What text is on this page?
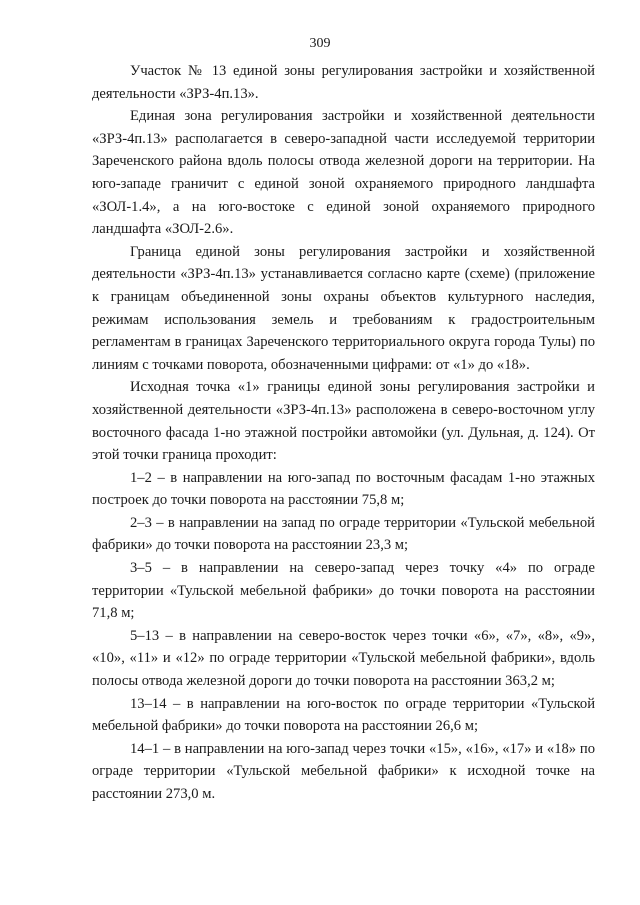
309

Участок № 13 единой зоны регулирования застройки и хозяйственной деятельности «ЗРЗ-4п.13».

Единая зона регулирования застройки и хозяйственной деятельности «ЗРЗ-4п.13» располагается в северо-западной части исследуемой территории Зареченского района вдоль полосы отвода железной дороги на территории. На юго-западе граничит с единой зоной охраняемого природного ландшафта «ЗОЛ-1.4», а на юго-востоке с единой зоной охраняемого природного ландшафта «ЗОЛ-2.6».

Граница единой зоны регулирования застройки и хозяйственной деятельности «ЗРЗ-4п.13» устанавливается согласно карте (схеме) (приложение к границам объединенной зоны охраны объектов культурного наследия, режимам использования земель и требованиям к градостроительным регламентам в границах Зареченского территориального округа города Тулы) по линиям с точками поворота, обозначенными цифрами: от «1» до «18».

Исходная точка «1» границы единой зоны регулирования застройки и хозяйственной деятельности «ЗРЗ-4п.13» расположена в северо-восточном углу восточного фасада 1-но этажной постройки автомойки (ул. Дульная, д. 124). От этой точки граница проходит:

1–2 – в направлении на юго-запад по восточным фасадам 1-но этажных построек до точки поворота на расстоянии 75,8 м;

2–3 – в направлении на запад по ограде территории «Тульской мебельной фабрики» до точки поворота на расстоянии 23,3 м;

3–5 – в направлении на северо-запад через точку «4» по ограде территории «Тульской мебельной фабрики» до точки поворота на расстоянии 71,8 м;

5–13 – в направлении на северо-восток через точки «6», «7», «8», «9», «10», «11» и «12» по ограде территории «Тульской мебельной фабрики», вдоль полосы отвода железной дороги до точки поворота на расстоянии 363,2 м;

13–14 – в направлении на юго-восток по ограде территории «Тульской мебельной фабрики» до точки поворота на расстоянии 26,6 м;

14–1 – в направлении на юго-запад через точки «15», «16», «17» и «18» по ограде территории «Тульской мебельной фабрики» к исходной точке на расстоянии 273,0 м.
